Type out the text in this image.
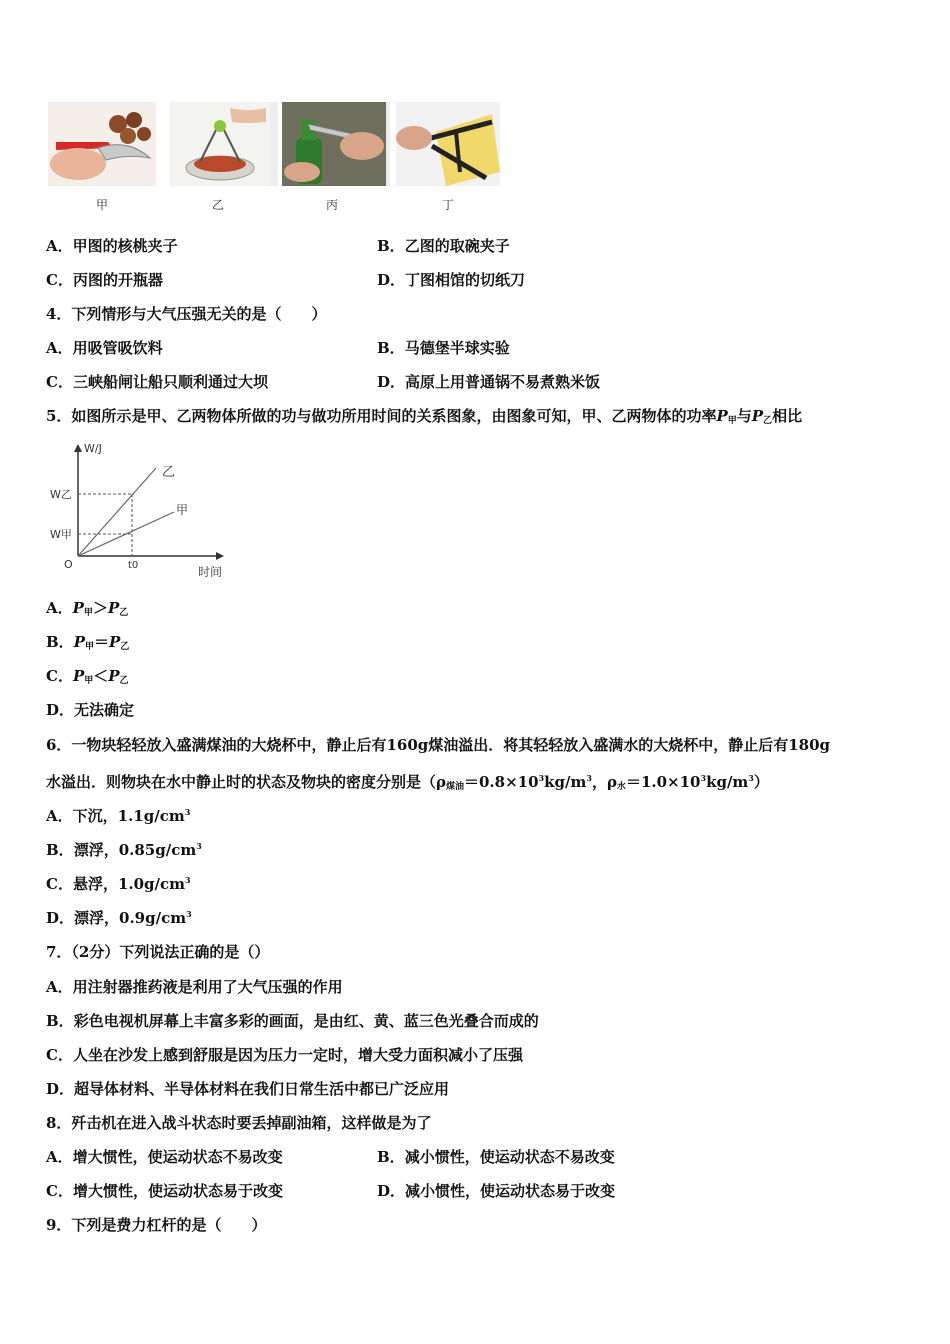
甲	乙	丙	丁
A．甲图的核桃夹子	B．乙图的取碗夹子
C．丙图的开瓶器	D．丁图相馆的切纸刀
4．下列情形与大气压强无关的是（　　）
A．用吸管吸饮料	B．马德堡半球实验
C．三峡船闸让船只顺利通过大坝	D．高原上用普通锅不易煮熟米饭
5．如图所示是甲、乙两物体所做的功与做功所用时间的关系图象，由图象可知，甲、乙两物体的功率$P_甲$与$P_乙$相比
W/J
时间
O	t0
W乙
W甲
乙
甲
A．$P_甲>P_乙$
B．$P_甲=P_乙$
C．$P_甲<P_乙$
D．无法确定
6．一物块轻轻放入盛满煤油的大烧杯中，静止后有160g煤油溢出．将其轻轻放入盛满水的大烧杯中，静止后有180g
水溢出．则物块在水中静止时的状态及物块的密度分别是（$\rho_{煤油}=0.8\times 10^3kg/m^3$，$\rho_水=1.0\times 10^3kg/m^3$）
A．下沉，$1.1g/cm^3$
B．漂浮，$0.85g/cm^3$
C．悬浮，$1.0g/cm^3$
D．漂浮，$0.9g/cm^3$
7．（2分）下列说法正确的是（）
A．用注射器推药液是利用了大气压强的作用
B．彩色电视机屏幕上丰富多彩的画面，是由红、黄、蓝三色光叠合而成的
C．人坐在沙发上感到舒服是因为压力一定时，增大受力面积减小了压强
D．超导体材料、半导体材料在我们日常生活中都已广泛应用
8．歼击机在进入战斗状态时要丢掉副油箱，这样做是为了
A．增大惯性，使运动状态不易改变	B．减小惯性，使运动状态不易改变
C．增大惯性，使运动状态易于改变	D．减小惯性，使运动状态易于改变
9．下列是费力杠杆的是（　　）
